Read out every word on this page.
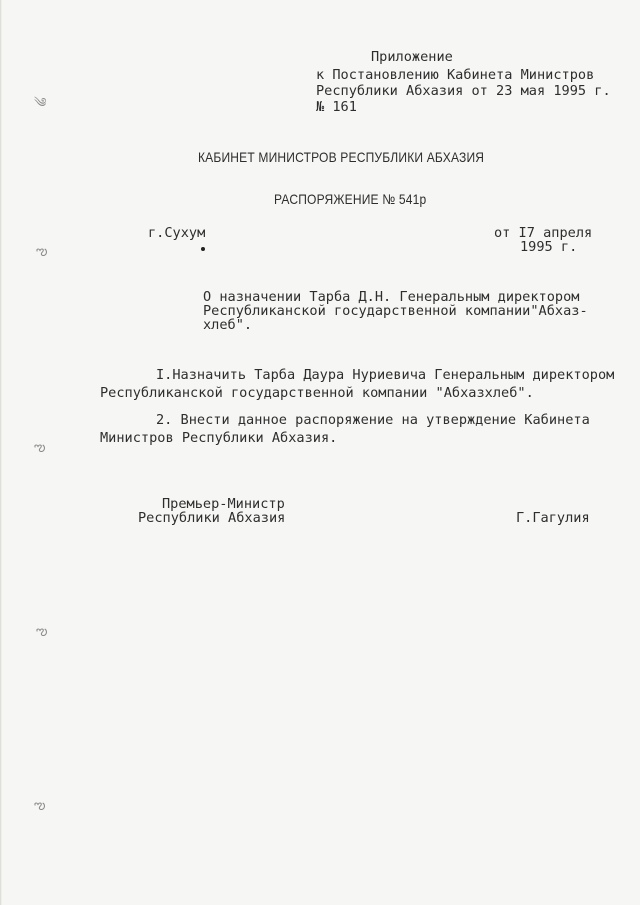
Приложение
к Постановлению Кабинета Министров
Республики Абхазия от 23 мая 1995 г.
№ 161
КАБИНЕТ МИНИСТРОВ РЕСПУБЛИКИ АБХАЗИЯ
РАСПОРЯЖЕНИЕ № 541р
г.Сухум	от I7 апреля
1995 г.
О назначении Тарба Д.Н. Генеральным директором
Республиканской государственной компании"Абхаз-
хлеб".
I.Назначить Тарба Даура Нуриевича Генеральным директором
Республиканской государственной компании "Абхазхлеб".
2. Внести данное распоряжение на утверждение Кабинета
Министров Республики Абхазия.
Премьер-Министр
Республики Абхазия	Г.Гагулия
༄
ఌ
ఌ
ఌ
ఌ
